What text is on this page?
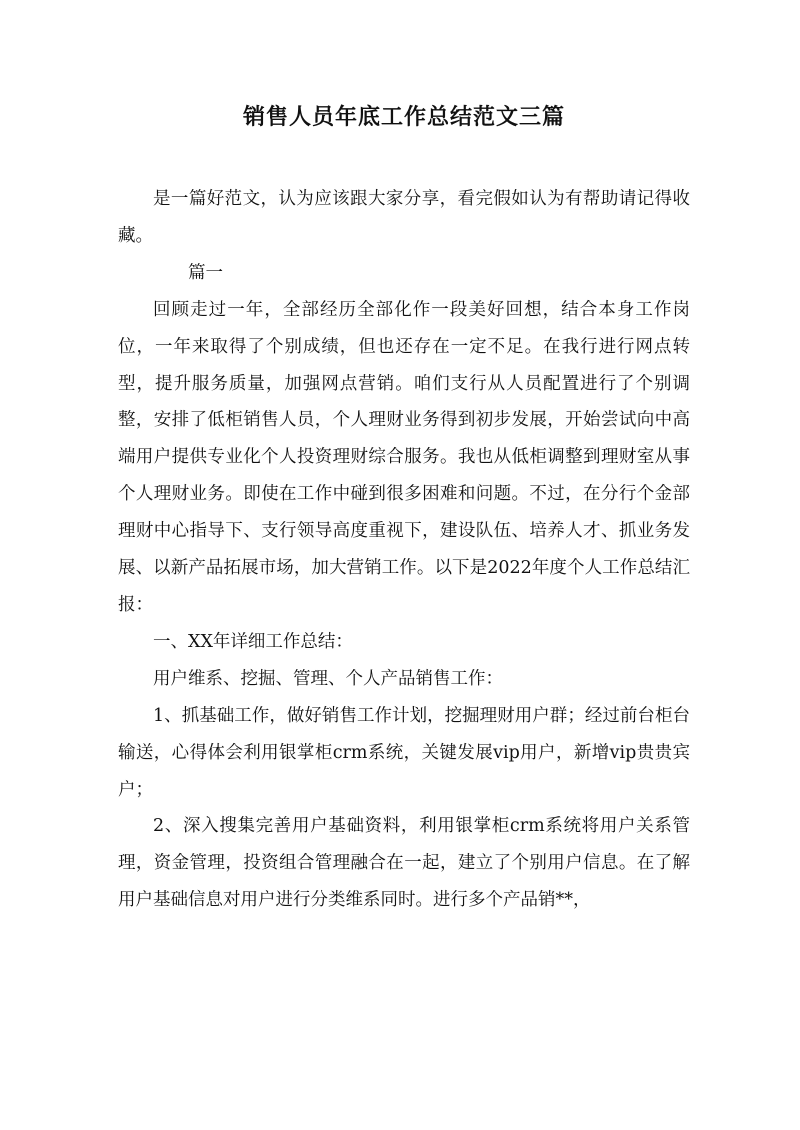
销售人员年底工作总结范文三篇

是一篇好范文，认为应该跟大家分享，看完假如认为有帮助请记得收藏。

篇一

回顾走过一年，全部经历全部化作一段美好回想，结合本身工作岗位，一年来取得了个别成绩，但也还存在一定不足。在我行进行网点转型，提升服务质量，加强网点营销。咱们支行从人员配置进行了个别调整，安排了低柜销售人员，个人理财业务得到初步发展，开始尝试向中高端用户提供专业化个人投资理财综合服务。我也从低柜调整到理财室从事个人理财业务。即使在工作中碰到很多困难和问题。不过，在分行个金部理财中心指导下、支行领导高度重视下，建设队伍、培养人才、抓业务发展、以新产品拓展市场，加大营销工作。以下是2022年度个人工作总结汇报：

一、XX年详细工作总结：

用户维系、挖掘、管理、个人产品销售工作：

1、抓基础工作，做好销售工作计划，挖掘理财用户群；经过前台柜台输送，心得体会利用银掌柜crm系统，关键发展vip用户，新增vip贵贵宾户；

2、深入搜集完善用户基础资料，利用银掌柜crm系统将用户关系管理，资金管理，投资组合管理融合在一起，建立了个别用户信息。在了解用户基础信息对用户进行分类维系同时。进行多个产品销**，
